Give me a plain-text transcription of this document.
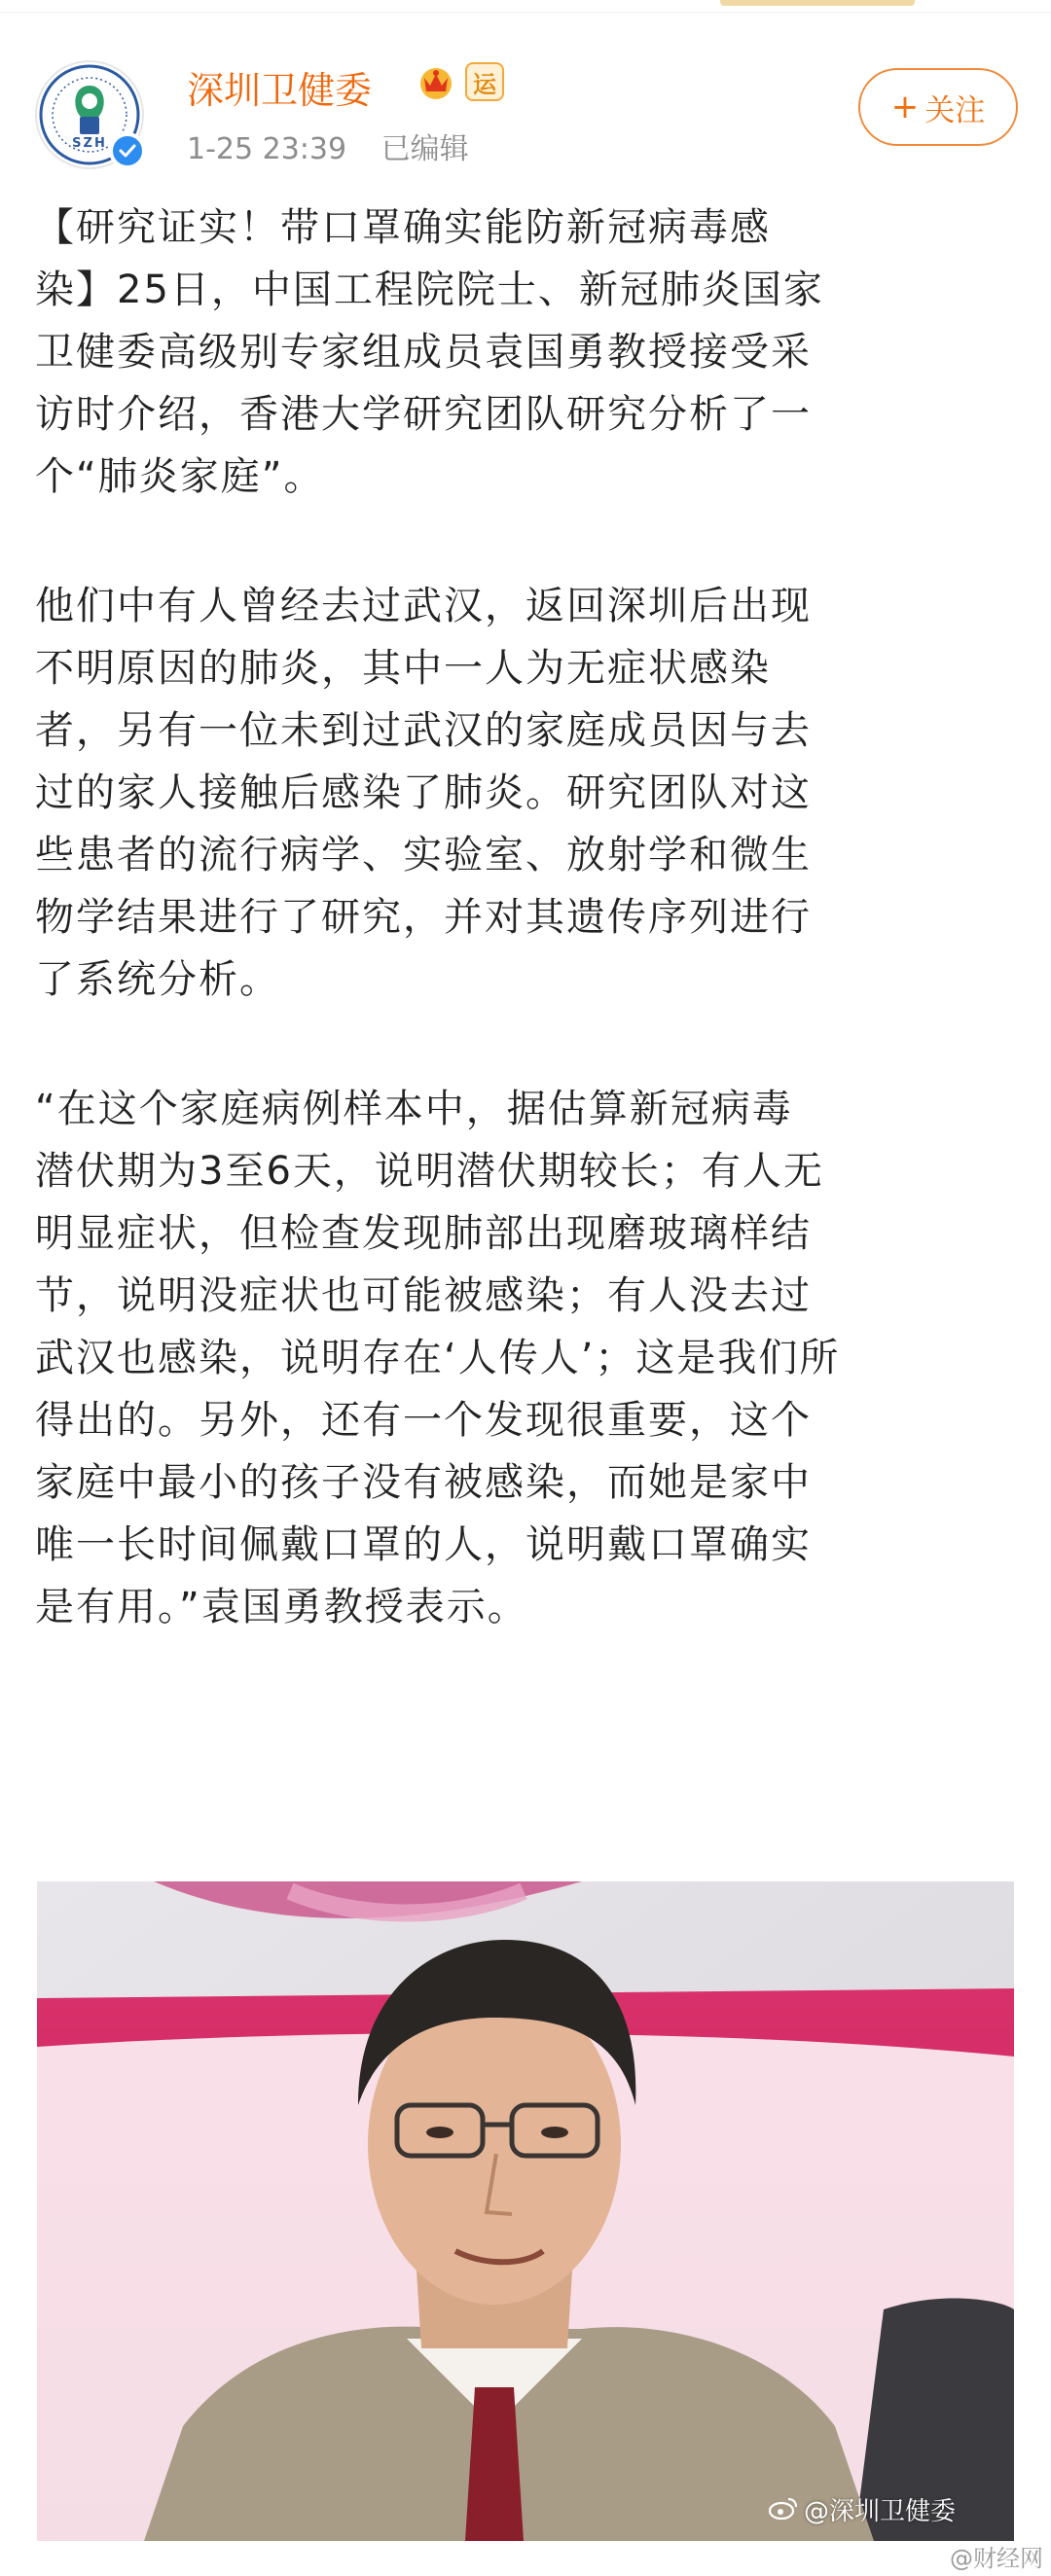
SZH
深圳卫健委	运
1-25 23:39 已编辑
+ 关注

【研究证实！带口罩确实能防新冠病毒感
染】25日，中国工程院院士、新冠肺炎国家
卫健委高级别专家组成员袁国勇教授接受采
访时介绍，香港大学研究团队研究分析了一
个“肺炎家庭”。

他们中有人曾经去过武汉，返回深圳后出现
不明原因的肺炎，其中一人为无症状感染
者，另有一位未到过武汉的家庭成员因与去
过的家人接触后感染了肺炎。研究团队对这
些患者的流行病学、实验室、放射学和微生
物学结果进行了研究，并对其遗传序列进行
了系统分析。

“在这个家庭病例样本中，据估算新冠病毒
潜伏期为3至6天，说明潜伏期较长；有人无
明显症状，但检查发现肺部出现磨玻璃样结
节，说明没症状也可能被感染；有人没去过
武汉也感染，说明存在‘人传人’；这是我们所
得出的。另外，还有一个发现很重要，这个
家庭中最小的孩子没有被感染，而她是家中
唯一长时间佩戴口罩的人，说明戴口罩确实
是有用。”袁国勇教授表示。

@深圳卫健委
@财经网
